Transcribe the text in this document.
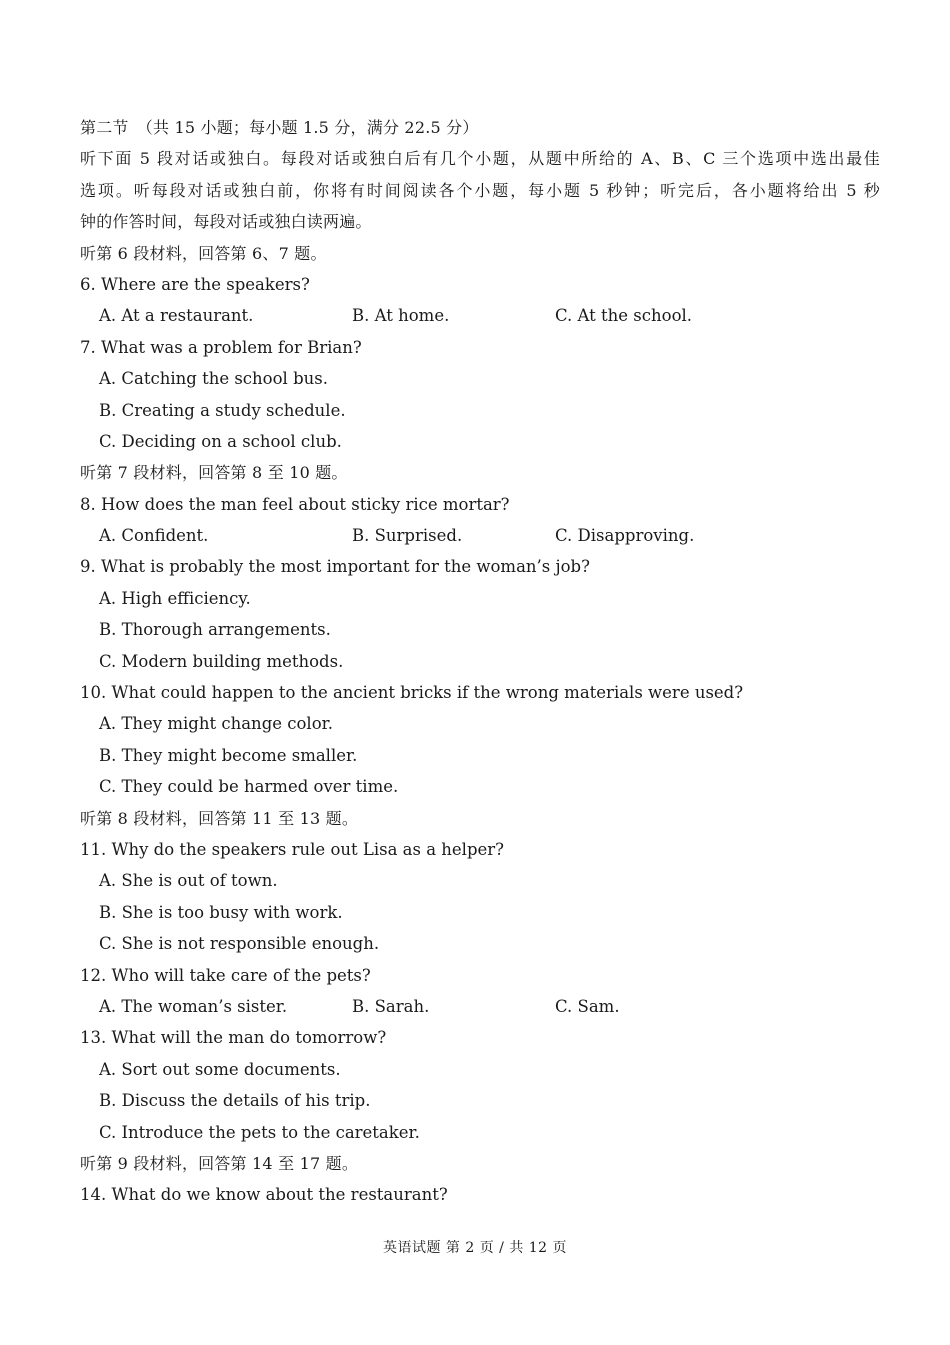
第二节　（共 15 小题；每小题 1.5 分，满分 22.5 分）
听下面 5 段对话或独白。每段对话或独白后有几个小题，从题中所给的 A、B、C 三个选项中选出最佳
选项。听每段对话或独白前，你将有时间阅读各个小题，每小题 5 秒钟；听完后，各小题将给出 5 秒
钟的作答时间，每段对话或独白读两遍。
听第 6 段材料，回答第 6、7 题。
6. Where are the speakers?
A. At a restaurant.	B. At home.	C. At the school.
7. What was a problem for Brian?
A. Catching the school bus.
B. Creating a study schedule.
C. Deciding on a school club.
听第 7 段材料，回答第 8 至 10 题。
8. How does the man feel about sticky rice mortar?
A. Confident.	B. Surprised.	C. Disapproving.
9. What is probably the most important for the woman’s job?
A. High efficiency.
B. Thorough arrangements.
C. Modern building methods.
10. What could happen to the ancient bricks if the wrong materials were used?
A. They might change color.
B. They might become smaller.
C. They could be harmed over time.
听第 8 段材料，回答第 11 至 13 题。
11. Why do the speakers rule out Lisa as a helper?
A. She is out of town.
B. She is too busy with work.
C. She is not responsible enough.
12. Who will take care of the pets?
A. The woman’s sister.	B. Sarah.	C. Sam.
13. What will the man do tomorrow?
A. Sort out some documents.
B. Discuss the details of his trip.
C. Introduce the pets to the caretaker.
听第 9 段材料，回答第 14 至 17 题。
14. What do we know about the restaurant?
英语试题 第 2 页 / 共 12 页
